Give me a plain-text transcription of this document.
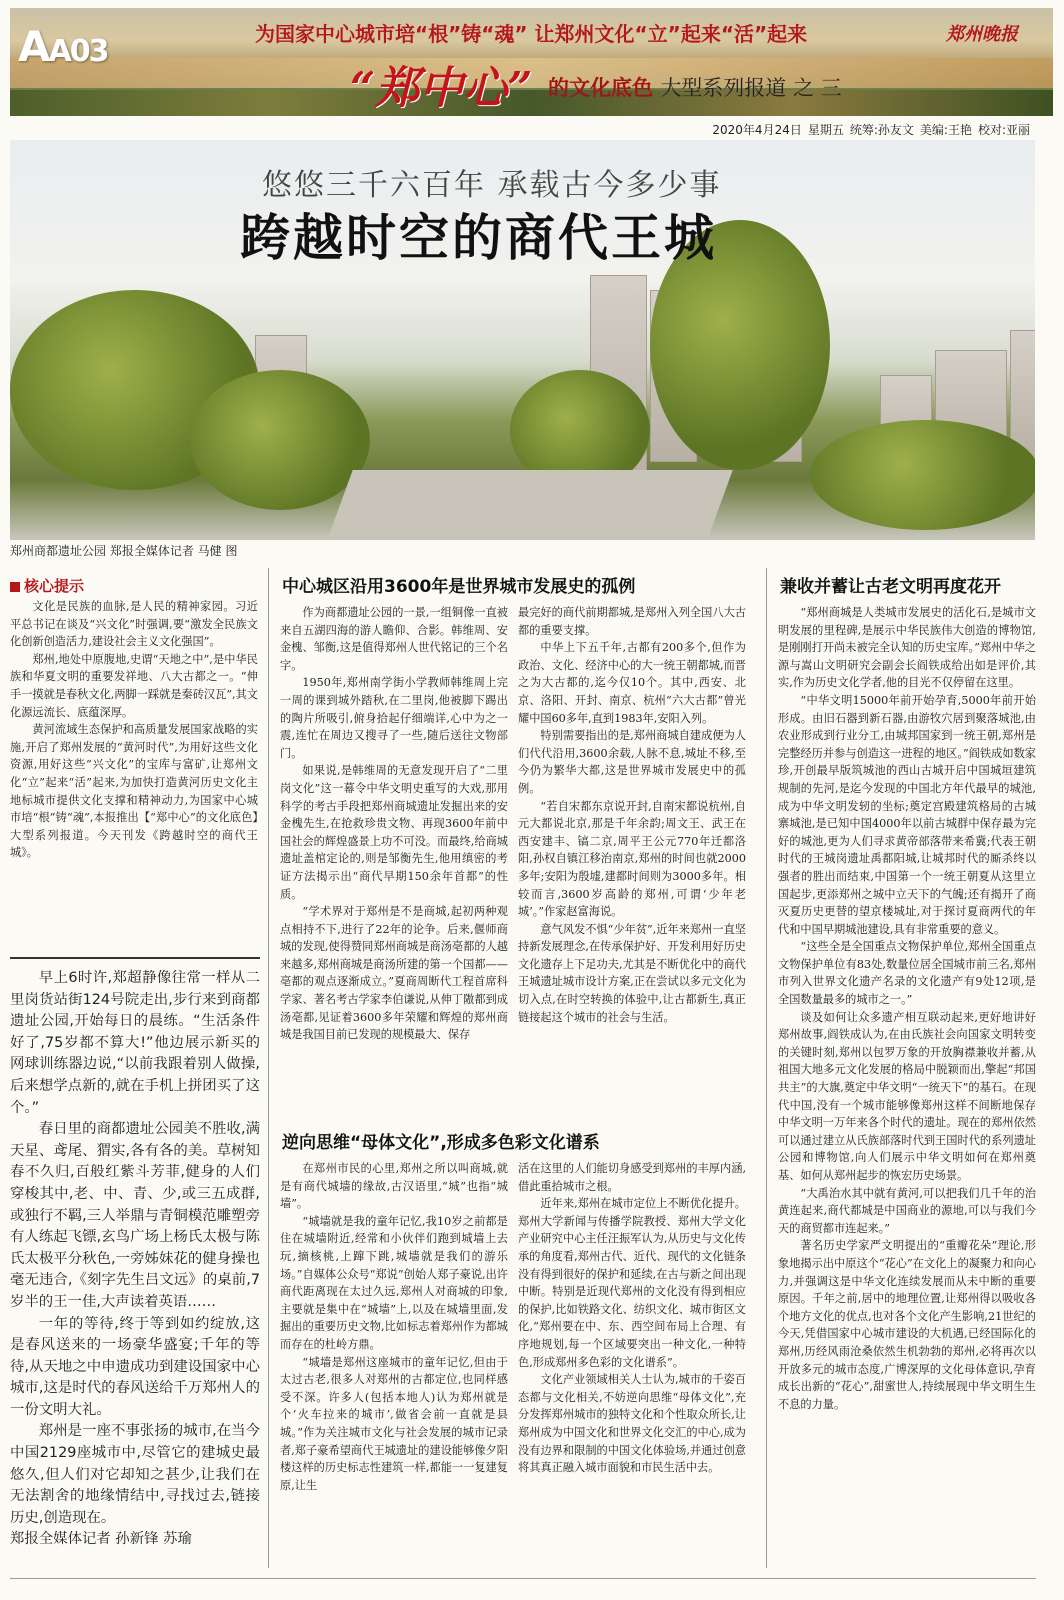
AA03	为国家中心城市培“根”铸“魂” 让郑州文化“立”起来“活”起来
“郑中心” 的文化底色 大型系列报道 之 三
郑州晚报
2020年4月24日 星期五 统筹:孙友文 美编:王艳 校对:亚丽
悠悠三千六百年 承载古今多少事
跨越时空的商代王城
郑州商都遗址公园 郑报全媒体记者 马健 图
核心提示

文化是民族的血脉,是人民的精神家园。习近平总书记在谈及“兴文化”时强调,要“激发全民族文化创新创造活力,建设社会主义文化强国”。

郑州,地处中原腹地,史谓“天地之中”,是中华民族和华夏文明的重要发祥地、八大古都之一。“伸手一摸就是春秋文化,两脚一踩就是秦砖汉瓦”,其文化源远流长、底蕴深厚。

黄河流域生态保护和高质量发展国家战略的实施,开启了郑州发展的“黄河时代”,为用好这些文化资源,用好这些“兴文化”的宝库与富矿,让郑州文化“立”起来“活”起来,为加快打造黄河历史文化主地标城市提供文化支撑和精神动力,为国家中心城市培“根”铸“魂”,本报推出【“郑中心”的文化底色】大型系列报道。今天刊发《跨越时空的商代王城》。

早上6时许,郑超静像往常一样从二里岗货站街124号院走出,步行来到商都遗址公园,开始每日的晨练。“生活条件好了,75岁都不算大!”他边展示新买的网球训练器边说,“以前我跟着别人做操,后来想学点新的,就在手机上拼团买了这个。”

春日里的商都遗址公园美不胜收,满天星、鸢尾、猬实,各有各的美。草树知春不久归,百般红紫斗芳菲,健身的人们穿梭其中,老、中、青、少,或三五成群,或独行不羁,三人举鼎与青铜模范雕塑旁有人练起飞镖,玄鸟广场上杨氏太极与陈氏太极平分秋色,一旁姊妹花的健身操也毫无违合,《刻字先生吕文远》的桌前,7岁半的王一佳,大声读着英语……

一年的等待,终于等到如约绽放,这是春风送来的一场豪华盛宴;千年的等待,从天地之中申遗成功到建设国家中心城市,这是时代的春风送给千万郑州人的一份文明大礼。

郑州是一座不事张扬的城市,在当今中国2129座城市中,尽管它的建城史最悠久,但人们对它却知之甚少,让我们在无法割舍的地缘情结中,寻找过去,链接历史,创造现在。

郑报全媒体记者 孙新锋 苏瑜

中心城区沿用3600年是世界城市发展史的孤例

作为商都遗址公园的一景,一组铜像一直被来自五湖四海的游人瞻仰、合影。韩维周、安金槐、邹衡,这是值得郑州人世代铭记的三个名字。

1950年,郑州南学街小学教师韩维周上完一周的课到城外踏秋,在二里岗,他被脚下踢出的陶片所吸引,俯身拾起仔细端详,心中为之一震,连忙在周边又搜寻了一些,随后送往文物部门。

如果说,是韩维周的无意发现开启了“二里岗文化”这一幕令中华文明史重写的大戏,那用科学的考古手段把郑州商城遗址发掘出来的安金槐先生,在抢救珍贵文物、再现3600年前中国社会的辉煌盛景上功不可没。而最终,给商城遗址盖棺定论的,则是邹衡先生,他用缜密的考证方法揭示出“商代早期150余年首都”的性质。

“学术界对于郑州是不是商城,起初两种观点相持不下,进行了22年的论争。后来,偃师商城的发现,使得赞同郑州商城是商汤亳都的人越来越多,郑州商城是商汤所建的第一个国都——亳都的观点逐渐成立。”夏商周断代工程首席科学家、著名考古学家李伯谦说,从伸丁隞都到成汤亳都,见证着3600多年荣耀和辉煌的郑州商城是我国目前已发现的规模最大、保存

最完好的商代前期都城,是郑州入列全国八大古都的重要支撑。

中华上下五千年,古都有200多个,但作为政治、文化、经济中心的大一统王朝都城,而晋之为大古都的,迄今仅10个。其中,西安、北京、洛阳、开封、南京、杭州“六大古都”曾光耀中国60多年,直到1983年,安阳入列。

特别需要指出的是,郑州商城自建成便为人们代代沿用,3600余载,人脉不息,城址不移,至今仍为繁华大都,这是世界城市发展史中的孤例。

“若自宋都东京说开封,自南宋都说杭州,自元大都说北京,那是千年余韵;周文王、武王在西安建丰、镐二京,周平王公元770年迁都洛阳,孙权自镇江移治南京,郑州的时间也就2000多年;安阳为殷墟,建都时间则为3000多年。相较而言,3600岁高龄的郑州,可谓‘少年老城’。”作家赵富海说。

意气风发不惧“少年贫”,近年来郑州一直坚持新发展理念,在传承保护好、开发利用好历史文化遗存上下足功夫,尤其是不断优化中的商代王城遗址城市设计方案,正在尝试以多元文化为切入点,在时空转换的体验中,让古都新生,真正链接起这个城市的社会与生活。

逆向思维“母体文化”,形成多色彩文化谱系

在郑州市民的心里,郑州之所以叫商城,就是有商代城墙的缘故,古汉语里,“城”也指“城墙”。

“城墙就是我的童年记忆,我10岁之前都是住在城墙附近,经常和小伙伴们跑到城墙上去玩,摘核桃,上蹿下跳,城墙就是我们的游乐场。”自媒体公众号“郑说”创始人郑子豪说,出许商代距离现在太过久远,郑州人对商城的印象,主要就是集中在“城墙”上,以及在城墙里面,发掘出的重要历史文物,比如标志着郑州作为都城而存在的杜岭方鼎。

“城墙是郑州这座城市的童年记忆,但由于太过古老,很多人对郑州的古都定位,也同样感受不深。许多人(包括本地人)认为郑州就是个‘火车拉来的城市’,做省会前一直就是县城。”作为关注城市文化与社会发展的城市记录者,郑子豪希望商代王城遗址的建设能够像夕阳楼这样的历史标志性建筑一样,都能一一复建复原,让生

活在这里的人们能切身感受到郑州的丰厚内涵,借此重拾城市之根。

近年来,郑州在城市定位上不断优化提升。郑州大学新闻与传播学院教授、郑州大学文化产业研究中心主任汪振军认为,从历史与文化传承的角度看,郑州古代、近代、现代的文化链条没有得到很好的保护和延续,在古与新之间出现中断。特别是近现代郑州的文化没有得到相应的保护,比如铁路文化、纺织文化、城市街区文化,“郑州要在中、东、西空间布局上合理、有序地规划,每一个区域要突出一种文化,一种特色,形成郑州多色彩的文化谱系”。

文化产业领域相关人士认为,城市的千姿百态都与文化相关,不妨逆向思维“母体文化”,充分发挥郑州城市的独特文化和个性取众所长,让郑州成为中国文化和世界文化交汇的中心,成为没有边界和限制的中国文化体验场,并通过创意将其真正融入城市面貌和市民生活中去。

兼收并蓄让古老文明再度花开

“郑州商城是人类城市发展史的活化石,是城市文明发展的里程碑,是展示中华民族伟大创造的博物馆,是刚刚打开尚未被完全认知的历史宝库。”郑州中华之源与嵩山文明研究会副会长阎铁成给出如是评价,其实,作为历史文化学者,他的目光不仅停留在这里。

“中华文明15000年前开始孕育,5000年前开始形成。由旧石器到新石器,由游牧穴居到聚落城池,由农业形成到行业分工,由城邦国家到一统王朝,郑州是完整经历并参与创造这一进程的地区。”阎铁成如数家珍,开创最早版筑城池的西山古城开启中国城垣建筑规制的先河,是迄今发现的中国北方年代最早的城池,成为中华文明发轫的坐标;奠定宫殿建筑格局的古城寨城池,是已知中国4000年以前古城群中保存最为完好的城池,更为人们寻求黄帝部落带来希冀;代表王朝时代的王城岗遗址禹都阳城,让城邦时代的厮杀终以强者的胜出而结束,中国第一个一统王朝夏从这里立国起步,更添郑州之城中立天下的气魄;还有揭开了商灭夏历史更替的望京楼城址,对于探讨夏商两代的年代和中国早期城池建设,具有非常重要的意义。

“这些全是全国重点文物保护单位,郑州全国重点文物保护单位有83处,数量位居全国城市前三名,郑州市列入世界文化遗产名录的文化遗产有9处12项,是全国数量最多的城市之一。”

谈及如何让众多遗产相互联动起来,更好地讲好郑州故事,阎铁成认为,在由氏族社会向国家文明转变的关键时刻,郑州以包罗万象的开放胸襟兼收并蓄,从祖国大地多元文化发展的格局中脱颖而出,擎起“邦国共主”的大旗,奠定中华文明“一统天下”的基石。在现代中国,没有一个城市能够像郑州这样不间断地保存中华文明一万年来各个时代的遗址。现在的郑州依然可以通过建立从氏族部落时代到王国时代的系列遗址公园和博物馆,向人们展示中华文明如何在郑州奠基、如何从郑州起步的恢宏历史场景。

“大禹治水其中就有黄河,可以把我们几千年的治黄连起来,商代都城是中国商业的源地,可以与我们今天的商贸都市连起来。”

著名历史学家严文明提出的“重瓣花朵”理论,形象地揭示出中原这个“花心”在文化上的凝聚力和向心力,并强调这是中华文化连续发展而从未中断的重要原因。千年之前,居中的地理位置,让郑州得以吸收各个地方文化的优点,也对各个文化产生影响,21世纪的今天,凭借国家中心城市建设的大机遇,已经国际化的郑州,历经风雨沧桑依然生机勃勃的郑州,必将再次以开放多元的城市态度,广博深厚的文化母体意识,孕育成长出新的“花心”,甜蜜世人,持续展现中华文明生生不息的力量。
